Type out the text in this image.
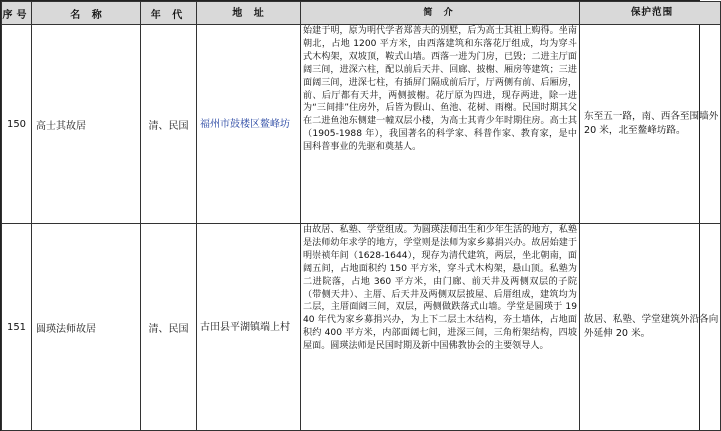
序号	名 称	年 代	地 址	简 介	保护范围
150	高士其故居	清、民国	福州市鼓楼区鳌峰坊	始建于明，原为明代学者郑善夫的别墅，后为高士其祖上购得。坐南朝北，占地 1200 平方米，由西落建筑和东落花厅组成，均为穿斗式木构架，双坡顶，鞍式山墙。西落一进为门房，已毁；二进主厅面阔三间，进深六柱，配以前后天井、回廊、披榭、厢房等建筑；三进面阔三间，进深七柱，有插屏门隔成前后厅，厅两侧有前、后厢房，前、后厅都有天井，两侧披榭。花厅原为四进，现存两进，除一进为“三间排”住房外，后皆为假山、鱼池、花树、雨榭。民国时期其父在二进鱼池东侧建一幢双层小楼，为高士其青少年时期住房。高士其（1905-1988 年），我国著名的科学家、科普作家、教育家，是中国科普事业的先驱和奠基人。	东至五一路，南、西各至围墙外 20 米，北至鳌峰坊路。
151	圆瑛法师故居	清、民国	古田县平湖镇端上村	由故居、私塾、学堂组成。为圆瑛法师出生和少年生活的地方，私塾是法师幼年求学的地方，学堂则是法师为家乡募捐兴办。故居始建于明崇祯年间（1628-1644），现存为清代建筑，两层，坐北朝南，面阔五间，占地面积约 150 平方米，穿斗式木构架，悬山顶。私塾为二进院落，占地 360 平方米，由门廊、前天井及两侧双层的子院（带侧天井）、主厝、后天井及两侧双层披屋、后厝组成，建筑均为二层，主厝面阔三间，双层，两侧做跌落式山墙。学堂是圆瑛于 1940 年代为家乡募捐兴办，为上下二层土木结构，夯土墙体，占地面积约 400 平方米，内部面阔七间，进深三间，三角桁架结构，四坡屋面。圆瑛法师是民国时期及新中国佛教协会的主要领导人。	故居、私塾、学堂建筑外沿各向外延伸 20 米。
